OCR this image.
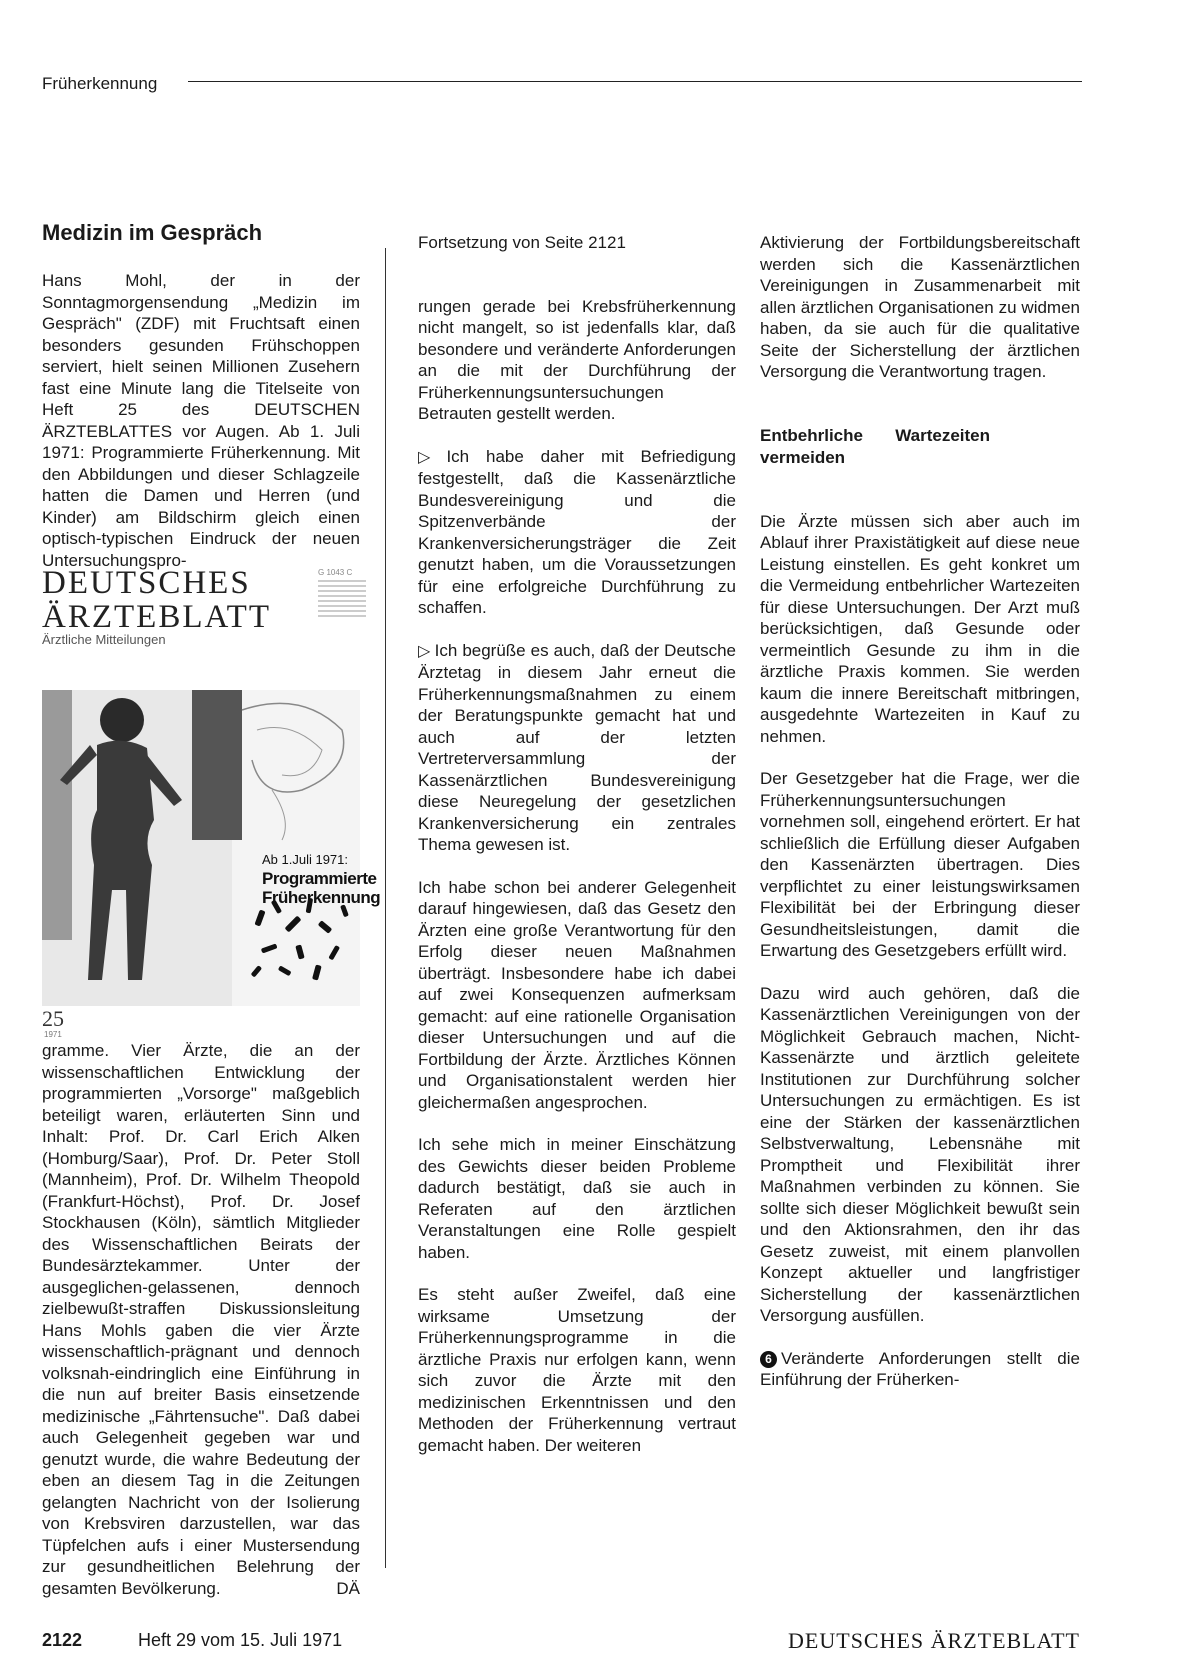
Früherkennung
Medizin im Gespräch

Hans Mohl, der in der Sonntagmorgensendung „Medizin im Gespräch" (ZDF) mit Fruchtsaft einen besonders gesunden Frühschoppen serviert, hielt seinen Millionen Zusehern fast eine Minute lang die Titelseite von Heft 25 des DEUTSCHEN ÄRZTEBLATTES vor Augen. Ab 1. Juli 1971: Programmierte Früherkennung. Mit den Abbildungen und dieser Schlagzeile hatten die Damen und Herren (und Kinder) am Bildschirm gleich einen optisch-typischen Eindruck der neuen Untersuchungspro-

DEUTSCHES
ÄRZTEBLATT
G 1043 C
Ärztliche Mitteilungen
Ab 1.Juli 1971:
Programmierte
Früherkennung
25
1971

gramme. Vier Ärzte, die an der wissenschaftlichen Entwicklung der programmierten „Vorsorge" maßgeblich beteiligt waren, erläuterten Sinn und Inhalt: Prof. Dr. Carl Erich Alken (Homburg/Saar), Prof. Dr. Peter Stoll (Mannheim), Prof. Dr. Wilhelm Theopold (Frankfurt-Höchst), Prof. Dr. Josef Stockhausen (Köln), sämtlich Mitglieder des Wissenschaftlichen Beirats der Bundesärztekammer. Unter der ausgeglichen-gelassenen, dennoch zielbewußt-straffen Diskussionsleitung Hans Mohls gaben die vier Ärzte wissenschaftlich-prägnant und dennoch volksnah-eindringlich eine Einführung in die nun auf breiter Basis einsetzende medizinische „Fährtensuche". Daß dabei auch Gelegenheit gegeben war und genutzt wurde, die wahre Bedeutung der eben an diesem Tag in die Zeitungen gelangten Nachricht von der Isolierung von Krebsviren darzustellen, war das Tüpfelchen aufs i einer Mustersendung zur gesundheitlichen Belehrung der gesamten Bevölkerung.	DÄ

Fortsetzung von Seite 2121

rungen gerade bei Krebsfrüherkennung nicht mangelt, so ist jedenfalls klar, daß besondere und veränderte Anforderungen an die mit der Durchführung der Früherkennungsuntersuchungen Betrauten gestellt werden.

▷ Ich habe daher mit Befriedigung festgestellt, daß die Kassenärztliche Bundesvereinigung und die Spitzenverbände der Krankenversicherungsträger die Zeit genutzt haben, um die Voraussetzungen für eine erfolgreiche Durchführung zu schaffen.

▷ Ich begrüße es auch, daß der Deutsche Ärztetag in diesem Jahr erneut die Früherkennungsmaßnahmen zu einem der Beratungspunkte gemacht hat und auch auf der letzten Vertreterversammlung der Kassenärztlichen Bundesvereinigung diese Neuregelung der gesetzlichen Krankenversicherung ein zentrales Thema gewesen ist.

Ich habe schon bei anderer Gelegenheit darauf hingewiesen, daß das Gesetz den Ärzten eine große Verantwortung für den Erfolg dieser neuen Maßnahmen überträgt. Insbesondere habe ich dabei auf zwei Konsequenzen aufmerksam gemacht: auf eine rationelle Organisation dieser Untersuchungen und auf die Fortbildung der Ärzte. Ärztliches Können und Organisationstalent werden hier gleichermaßen angesprochen.

Ich sehe mich in meiner Einschätzung des Gewichts dieser beiden Probleme dadurch bestätigt, daß sie auch in Referaten auf den ärztlichen Veranstaltungen eine Rolle gespielt haben.

Es steht außer Zweifel, daß eine wirksame Umsetzung der Früherkennungsprogramme in die ärztliche Praxis nur erfolgen kann, wenn sich zuvor die Ärzte mit den medizinischen Erkenntnissen und den Methoden der Früherkennung vertraut gemacht haben. Der weiteren

Aktivierung der Fortbildungsbereitschaft werden sich die Kassenärztlichen Vereinigungen in Zusammenarbeit mit allen ärztlichen Organisationen zu widmen haben, da sie auch für die qualitative Seite der Sicherstellung der ärztlichen Versorgung die Verantwortung tragen.

Entbehrliche Wartezeiten vermeiden

Die Ärzte müssen sich aber auch im Ablauf ihrer Praxistätigkeit auf diese neue Leistung einstellen. Es geht konkret um die Vermeidung entbehrlicher Wartezeiten für diese Untersuchungen. Der Arzt muß berücksichtigen, daß Gesunde oder vermeintlich Gesunde zu ihm in die ärztliche Praxis kommen. Sie werden kaum die innere Bereitschaft mitbringen, ausgedehnte Wartezeiten in Kauf zu nehmen.

Der Gesetzgeber hat die Frage, wer die Früherkennungsuntersuchungen vornehmen soll, eingehend erörtert. Er hat schließlich die Erfüllung dieser Aufgaben den Kassenärzten übertragen. Dies verpflichtet zu einer leistungswirksamen Flexibilität bei der Erbringung dieser Gesundheitsleistungen, damit die Erwartung des Gesetzgebers erfüllt wird.

Dazu wird auch gehören, daß die Kassenärztlichen Vereinigungen von der Möglichkeit Gebrauch machen, Nicht-Kassenärzte und ärztlich geleitete Institutionen zur Durchführung solcher Untersuchungen zu ermächtigen. Es ist eine der Stärken der kassenärztlichen Selbstverwaltung, Lebensnähe mit Promptheit und Flexibilität ihrer Maßnahmen verbinden zu können. Sie sollte sich dieser Möglichkeit bewußt sein und den Aktionsrahmen, den ihr das Gesetz zuweist, mit einem planvollen Konzept aktueller und langfristiger Sicherstellung der kassenärztlichen Versorgung ausfüllen.

6 Veränderte Anforderungen stellt die Einführung der Früherken-

2122	Heft 29 vom 15. Juli 1971	DEUTSCHES ÄRZTEBLATT
